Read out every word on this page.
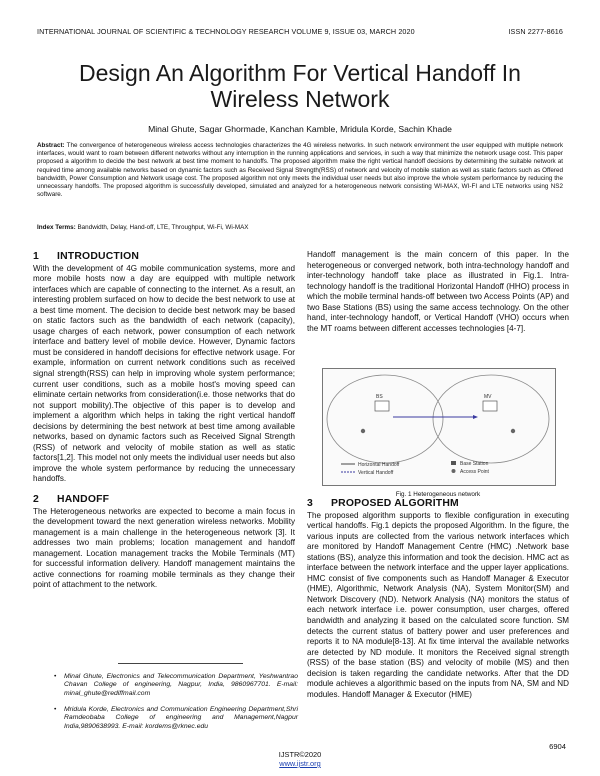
INTERNATIONAL JOURNAL OF SCIENTIFIC & TECHNOLOGY RESEARCH VOLUME 9, ISSUE 03, MARCH 2020	ISSN 2277-8616
Design An Algorithm For Vertical Handoff In Wireless Network
Minal Ghute, Sagar Ghormade, Kanchan Kamble, Mridula Korde, Sachin Khade
Abstract: The convergence of heterogeneous wireless access technologies characterizes the 4G wireless networks. In such network environment the user equipped with multiple network interfaces, would want to roam between different networks without any interruption in the running applications and services, in such a way that minimize the network usage cost. This paper proposed a algorithm to decide the best network at best time moment to handoffs. The proposed algorithm make the right vertical handoff decisions by determining the suitable network at required time among available networks based on dynamic factors such as Received Signal Strength(RSS) of network and velocity of mobile station as well as static factors such as Offered bandwidth, Power Consumption and Network usage cost. The proposed algorithm not only meets the individual user needs but also improve the whole system performance by reducing the unnecessary handoffs. The proposed algorithm is successfully developed, simulated and analyzed for a heterogeneous network consisting WI-MAX, WI-FI and LTE networks using NS2 software.
Index Terms: Bandwidth, Delay, Hand-off, LTE, Throughput, Wi-Fi, Wi-MAX
1 INTRODUCTION

With the development of 4G mobile communication systems, more and more mobile hosts now a day are equipped with multiple network interfaces which are capable of connecting to the internet. As a result, an interesting problem surfaced on how to decide the best network to use at a best time moment. The decision to decide best network may be based on static factors such as the bandwidth of each network (capacity), usage charges of each network, power consumption of each network interface and battery level of mobile device. However, Dynamic factors must be considered in handoff decisions for effective network usage. For example, information on current network conditions such as received signal strength(RSS) can help in improving whole system performance; current user conditions, such as a mobile host's moving speed can eliminate certain networks from consideration(i.e. those networks that do not support mobility).The objective of this paper is to develop and implement a algorithm which helps in taking the right vertical handoff decisions by determining the best network at best time among available networks, based on dynamic factors such as Received Signal Strength (RSS) of network and velocity of mobile station as well as static factors[1,2]. This model not only meets the individual user needs but also improve the whole system performance by reducing the unnecessary handoffs.

2 HANDOFF

The Heterogeneous networks are expected to become a main focus in the development toward the next generation wireless networks. Mobility management is a main challenge in the heterogeneous network [3]. It addresses two main problems; location management and handoff management. Location management tracks the Mobile Terminals (MT) for successful information delivery. Handoff management maintains the active connections for roaming mobile terminals as they change their point of attachment to the network.

Handoff management is the main concern of this paper. In the heterogeneous or converged network, both intra-technology handoff and inter-technology handoff take place as illustrated in Fig.1. Intra-technology handoff is the traditional Horizontal Handoff (HHO) process in which the mobile terminal hands-off between two Access Points (AP) and two Base Stations (BS) using the same access technology. On the other hand, inter-technology handoff, or Vertical Handoff (VHO) occurs when the MT roams between different accesses technologies [4-7].

BS	MV
Horizontal Handoff
Vertical Handoff
Base Station
Access Point
Fig. 1 Heterogeneous network
3 PROPOSED ALGORITHM

The proposed algorithm supports to flexible configuration in executing vertical handoffs. Fig.1 depicts the proposed Algorithm. In the figure, the various inputs are collected from the various network interfaces which are monitored by Handoff Management Centre (HMC) .Network base stations (BS), analyze this information and took the decision. HMC act as interface between the network interface and the upper layer applications. HMC consist of five components such as Handoff Manager & Executor (HME), Algorithmic, Network Analysis (NA), System Monitor(SM) and Network Discovery (ND). Network Analysis (NA) monitors the status of each network interface i.e. power consumption, user charges, offered bandwidth and analyzing it based on the calculated score function. SM detects the current status of battery power and user preferences and reports it to NA module[8-13]. At fix time interval the available networks are detected by ND module. It monitors the Received signal strength (RSS) of the base station (BS) and velocity of mobile (MS) and then decision is taken regarding the candidate networks. After that the DD module achieves a algorithmic based on the inputs from NA, SM and ND modules. Handoff Manager & Executor (HME)

• Minal Ghute, Electronics and Telecommunication Department, Yeshwantrao Chavan College of engineering, Nagpur, India, 9860967701. E-mail: minal_ghute@rediffmail.com
• Mridula Korde, Electronics and Communication Engineering Department,Shri Ramdeobaba College of engineering and Management,Nagpur India,9890638993. E-mail: kordems@rknec.edu
6904
IJSTR©2020
www.ijstr.org
